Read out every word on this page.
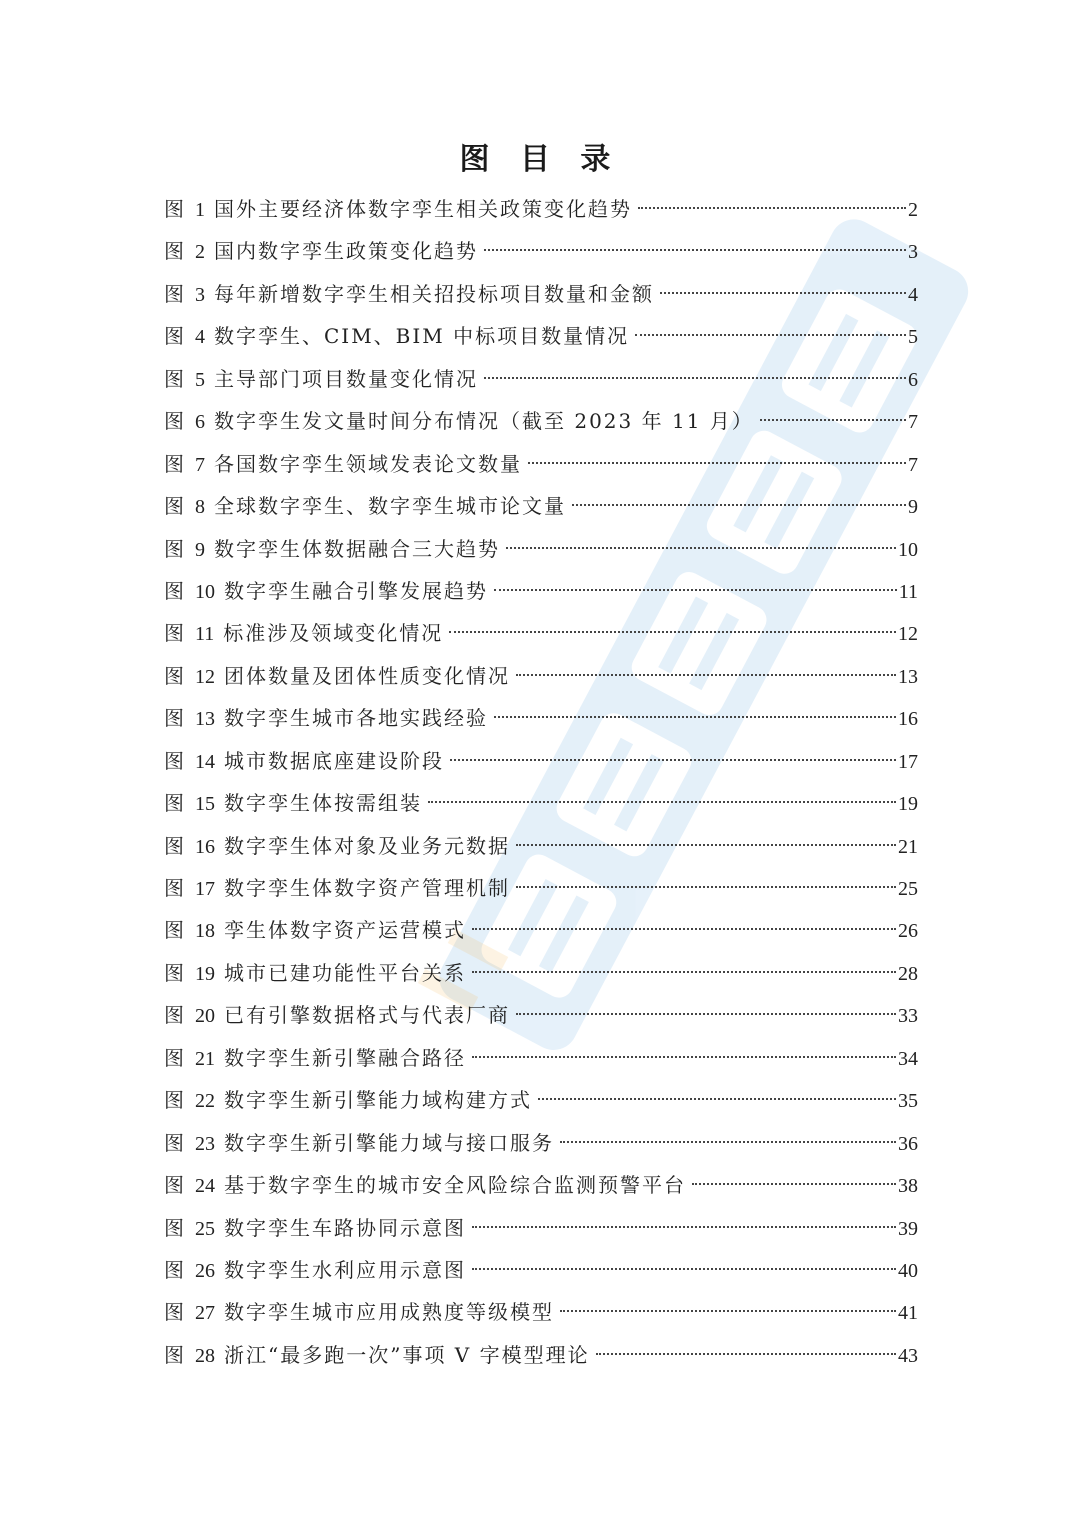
图 目 录
图 1 国外主要经济体数字孪生相关政策变化趋势	2
图 2 国内数字孪生政策变化趋势	3
图 3 每年新增数字孪生相关招投标项目数量和金额	4
图 4 数字孪生、CIM、BIM 中标项目数量情况	5
图 5 主导部门项目数量变化情况	6
图 6 数字孪生发文量时间分布情况（截至 2023 年 11 月）	7
图 7 各国数字孪生领域发表论文数量	7
图 8 全球数字孪生、数字孪生城市论文量	9
图 9 数字孪生体数据融合三大趋势	10
图 10 数字孪生融合引擎发展趋势	11
图 11 标准涉及领域变化情况	12
图 12 团体数量及团体性质变化情况	13
图 13 数字孪生城市各地实践经验	16
图 14 城市数据底座建设阶段	17
图 15 数字孪生体按需组装	19
图 16 数字孪生体对象及业务元数据	21
图 17 数字孪生体数字资产管理机制	25
图 18 孪生体数字资产运营模式	26
图 19 城市已建功能性平台关系	28
图 20 已有引擎数据格式与代表厂商	33
图 21 数字孪生新引擎融合路径	34
图 22 数字孪生新引擎能力域构建方式	35
图 23 数字孪生新引擎能力域与接口服务	36
图 24 基于数字孪生的城市安全风险综合监测预警平台	38
图 25 数字孪生车路协同示意图	39
图 26 数字孪生水利应用示意图	40
图 27 数字孪生城市应用成熟度等级模型	41
图 28 浙江“最多跑一次”事项 V 字模型理论	43
